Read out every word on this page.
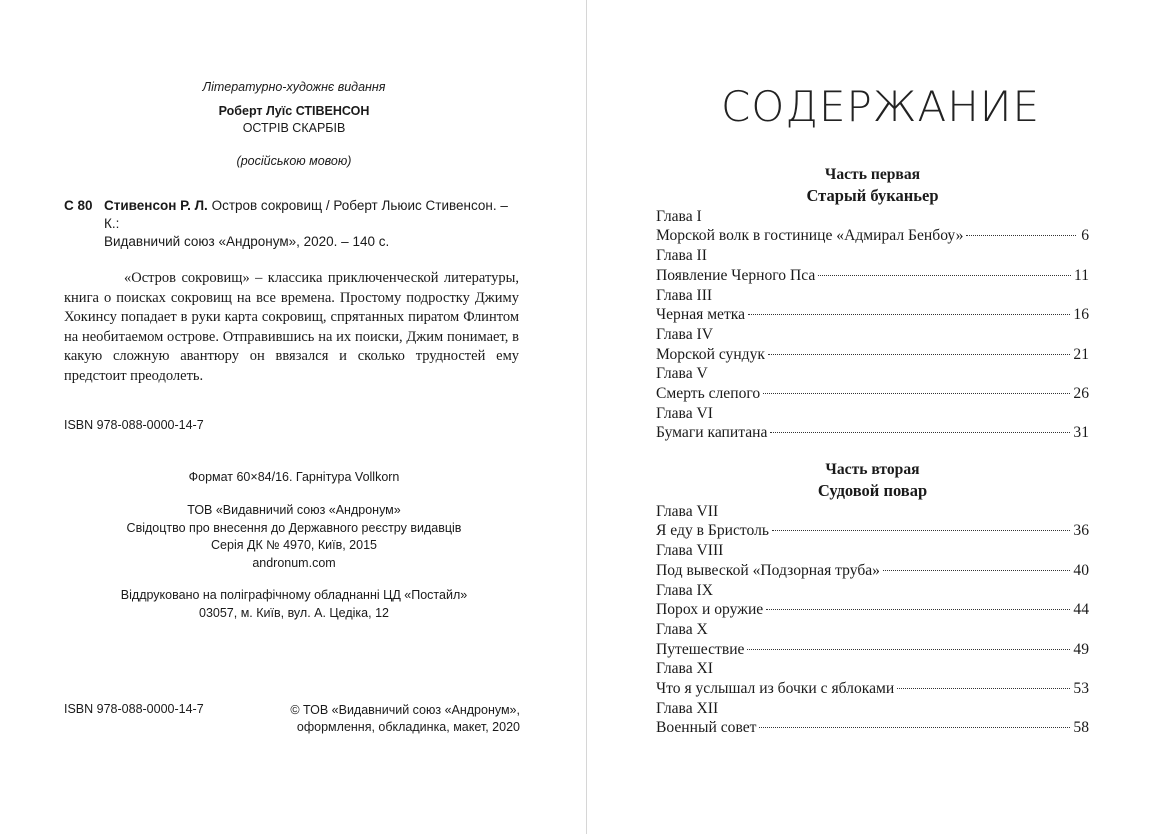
Літературно-художнє видання
Роберт Луїс СТІВЕНСОН
ОСТРІВ СКАРБІВ
(російською мовою)
С 80 Стивенсон Р. Л. Остров сокровищ / Роберт Льюис Стивенсон. – К.:
Видавничий союз «Андронум», 2020. – 140 с.
«Остров сокровищ» – классика приключенческой литературы, книга о поисках сокровищ на все времена. Простому подростку Джиму Хокинсу попадает в руки карта сокровищ, спрятанных пиратом Флинтом на необитаемом острове. Отправившись на их поиски, Джим понимает, в какую сложную авантюру он ввязался и сколько трудностей ему предстоит преодолеть.
ISBN 978-088-0000-14-7
Формат 60×84/16. Гарнітура Vollkorn
ТОВ «Видавничий союз «Андронум»
Свідоцтво про внесення до Державного реєстру видавців
Серія ДК № 4970, Київ, 2015
andronum.com
Віддруковано на поліграфічному обладнанні ЦД «Постайл»
03057, м. Київ, вул. А. Цедіка, 12
ISBN 978-088-0000-14-7	© ТОВ «Видавничий союз «Андронум»,
оформлення, обкладинка, макет, 2020
СОДЕРЖАНИЕ
Часть первая
Старый буканьер
Глава I
Морской волк в гостинице «Адмирал Бенбоу»	6
Глава II
Появление Черного Пса	11
Глава III
Черная метка	16
Глава IV
Морской сундук	21
Глава V
Смерть слепого	26
Глава VI
Бумаги капитана	31
Часть вторая
Судовой повар
Глава VII
Я еду в Бристоль	36
Глава VIII
Под вывеской «Подзорная труба»	40
Глава IX
Порох и оружие	44
Глава X
Путешествие	49
Глава XI
Что я услышал из бочки с яблоками	53
Глава XII
Военный совет	58
